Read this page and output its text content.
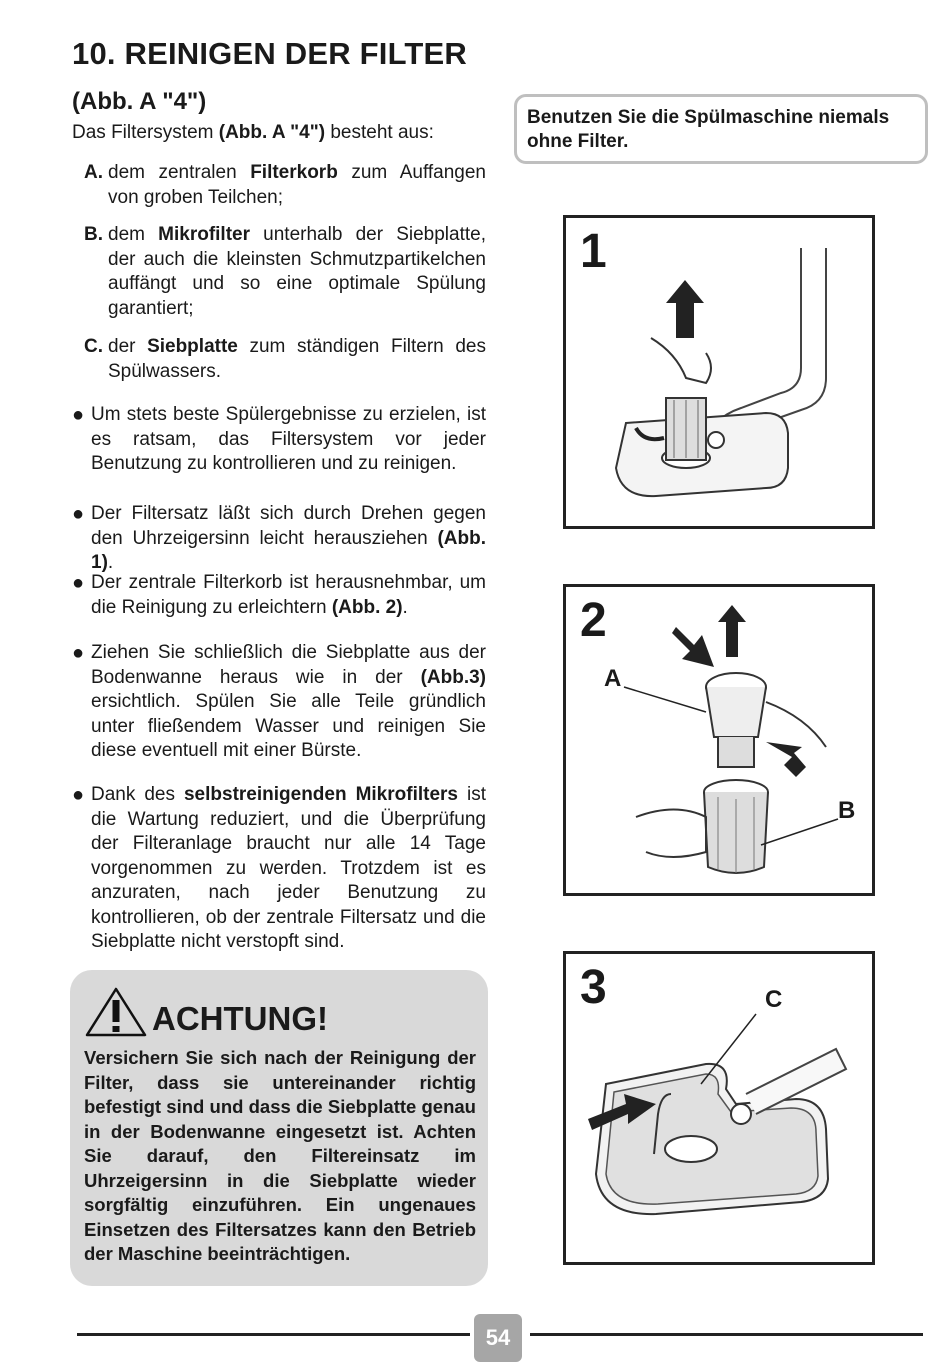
10. REINIGEN DER FILTER
(Abb. A "4")
Das Filtersystem (Abb. A "4") besteht aus:
A. dem zentralen Filterkorb zum Auffangen von groben Teilchen;
B. dem Mikrofilter unterhalb der Siebplatte, der auch die kleinsten Schmutzpartikelchen auffängt und so eine optimale Spülung garantiert;
C. der Siebplatte zum ständigen Filtern des Spülwassers.
● Um stets beste Spülergebnisse zu erzielen, ist es ratsam, das Filtersystem vor jeder Benutzung zu kontrollieren und zu reinigen.
● Der Filtersatz läßt sich durch Drehen gegen den Uhrzeigersinn leicht herausziehen (Abb. 1).
● Der zentrale Filterkorb ist herausnehmbar, um die Reinigung zu erleichtern (Abb. 2).
● Ziehen Sie schließlich die Siebplatte aus der Bodenwanne heraus wie in der (Abb.3) ersichtlich. Spülen Sie alle Teile gründlich unter fließendem Wasser und reinigen Sie diese eventuell mit einer Bürste.
● Dank des selbstreinigenden Mikrofilters ist die Wartung reduziert, und die Überprüfung der Filteranlage braucht nur alle 14 Tage vorgenommen zu werden. Trotzdem ist es anzuraten, nach jeder Benutzung zu kontrollieren, ob der zentrale Filtersatz und die Siebplatte nicht verstopft sind.
Benutzen Sie die Spülmaschine niemals ohne Filter.
ACHTUNG!
Versichern Sie sich nach der Reinigung der Filter, dass sie untereinander richtig befestigt sind und dass die Siebplatte genau in der Bodenwanne eingesetzt ist. Achten Sie darauf, den Filtereinsatz im Uhrzeigersinn in die Siebplatte wieder sorgfältig einzuführen. Ein ungenaues Einsetzen des Filtersatzes kann den Betrieb der Maschine beeinträchtigen.
1
2
A
B
3	C
54
